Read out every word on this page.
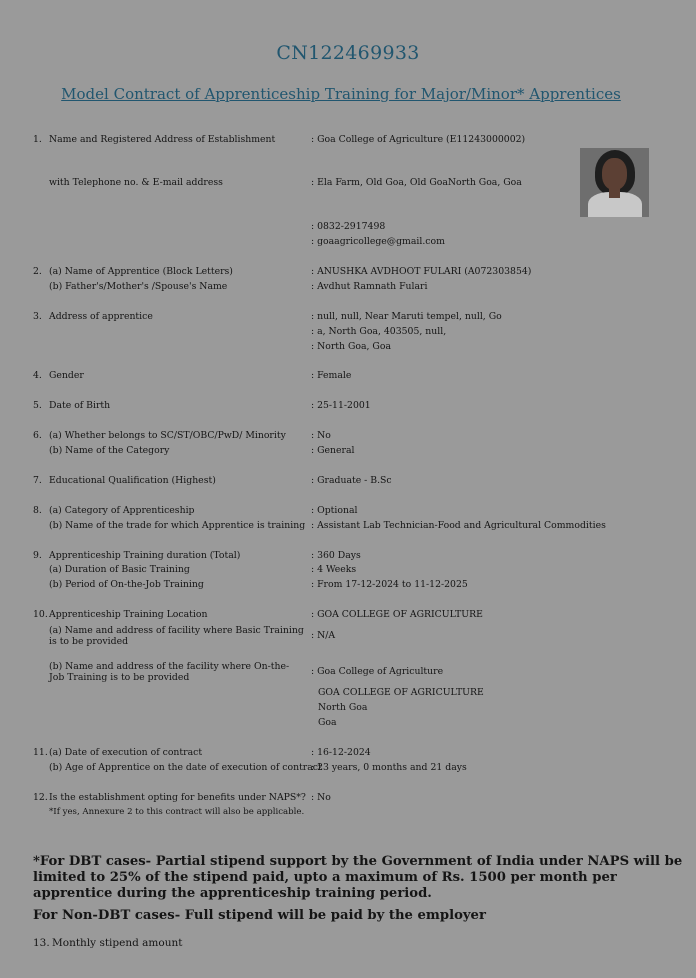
CN122469933
Model Contract of Apprenticeship Training for Major/Minor* Apprentices
1. Name and Registered Address of Establishment	: Goa College of Agriculture (E11243000002)
with Telephone no. & E-mail address	: Ela Farm, Old Goa, Old GoaNorth Goa, Goa
: 0832-2917498
: goaagricollege@gmail.com
2. (a) Name of Apprentice (Block Letters)	: ANUSHKA AVDHOOT FULARI (A072303854)
(b) Father's/Mother's /Spouse's Name	: Avdhut Ramnath Fulari
3. Address of apprentice	: null, null, Near Maruti tempel, null, Go
: a, North Goa, 403505, null,
: North Goa, Goa
4. Gender	: Female
5. Date of Birth	: 25-11-2001
6. (a) Whether belongs to SC/ST/OBC/PwD/ Minority	: No
(b) Name of the Category	: General
7. Educational Qualification (Highest)	: Graduate - B.Sc
8. (a) Category of Apprenticeship	: Optional
(b) Name of the trade for which Apprentice is training : Assistant Lab Technician-Food and Agricultural Commodities
9. Apprenticeship Training duration (Total)	: 360 Days
(a) Duration of Basic Training	: 4 Weeks
(b) Period of On-the-Job Training	: From 17-12-2024 to 11-12-2025
10. Apprenticeship Training Location	: GOA COLLEGE OF AGRICULTURE
(a) Name and address of facility where Basic Training is to be provided
: N/A
(b) Name and address of the facility where On-the-Job Training is to be provided
: Goa College of Agriculture
GOA COLLEGE OF AGRICULTURE
North Goa
Goa
11. (a) Date of execution of contract	: 16-12-2024
(b) Age of Apprentice on the date of execution of contract
: 23 years, 0 months and 21 days
12. Is the establishment opting for benefits under NAPS*? : No
*If yes, Annexure 2 to this contract will also be applicable.
*For DBT cases- Partial stipend support by the Government of India under NAPS will be
limited to 25% of the stipend paid, upto a maximum of Rs. 1500 per month per
apprentice during the apprenticeship training period.
For Non-DBT cases- Full stipend will be paid by the employer
13. Monthly stipend amount
